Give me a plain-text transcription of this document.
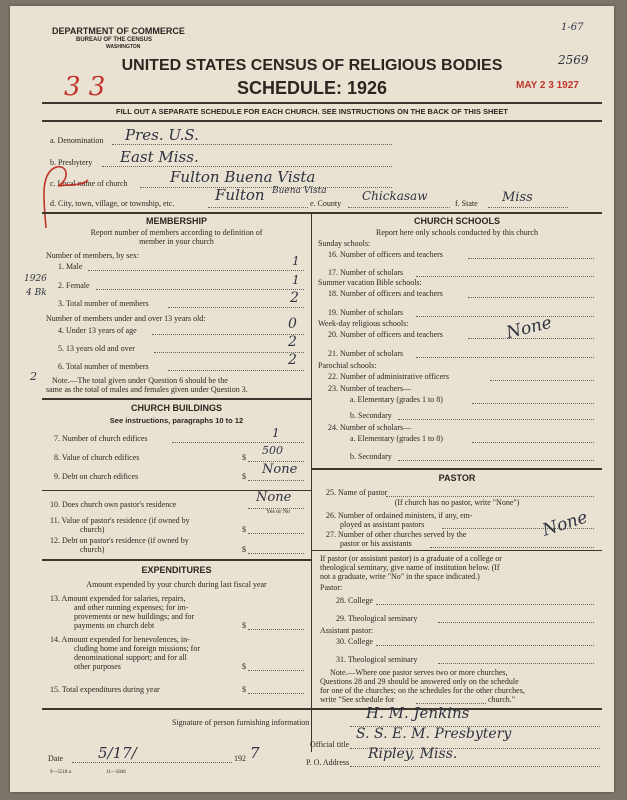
DEPARTMENT OF COMMERCE
BUREAU OF THE CENSUS
WASHINGTON
1-67
2569
MAY 2 3 1927
3 3
UNITED STATES CENSUS OF RELIGIOUS BODIES
SCHEDULE: 1926
FILL OUT A SEPARATE SCHEDULE FOR EACH CHURCH. SEE INSTRUCTIONS ON THE BACK OF THIS SHEET
a. Denomination Pres. U.S.
b. Presbytery East Miss.
c. Local name of church	Fulton Buena Vista
d. City, town, village, or township, etc.	Fulton Buena Vista
e. County
Chickasaw
f. State Miss
MEMBERSHIP
Report number of members according to definition of
member in your church
Number of members, by sex:
1. Male	1
2. Female	1
3. Total number of members	2
Number of members under and over 13 years old:
4. Under 13 years of age	0
5. 13 years old and over	2
6. Total number of members	2
Note.—The total given under Question 6 should be the
same as the total of males and females given under Question 3.
1926
4 Bk
2
CHURCH BUILDINGS
See instructions, paragraphs 10 to 12
7. Number of church edifices	1
8. Value of church edifices	$
500
9. Debt on church edifices	$ None
10. Does church own pastor's residence	None
Yes or No
11. Value of pastor's residence (if owned by
church)	$
12. Debt on pastor's residence (if owned by
church)	$
EXPENDITURES
Amount expended by your church during last fiscal year
13. Amount expended for salaries, repairs,
and other running expenses; for im-
provements or new buildings; and for
payments on church debt	$
14. Amount expended for benevolences, in-
cluding home and foreign missions; for
denominational support; and for all
other purposes	$
15. Total expenditures during year	$
CHURCH SCHOOLS
Report here only schools conducted by this church
Sunday schools:
16. Number of officers and teachers
17. Number of scholars
Summer vacation Bible schools:
18. Number of officers and teachers
19. Number of scholars
Week-day religious schools:
20. Number of officers and teachers	None
21. Number of scholars
Parochial schools:
22. Number of administrative officers
23. Number of teachers—
a. Elementary (grades 1 to 8)
b. Secondary
24. Number of scholars—
a. Elementary (grades 1 to 8)
b. Secondary
PASTOR
25. Name of pastor
(If church has no pastor, write "None")
26. Number of ordained ministers, if any, em-
ployed as assistant pastors
27. Number of other churches served by the
pastor or his assistants
None
If pastor (or assistant pastor) is a graduate of a college or
theological seminary, give name of institution below. (If
not a graduate, write "No" in the space indicated.)
Pastor:
28. College
29. Theological seminary
Assistant pastor:
30. College
31. Theological seminary
Note.—Where one pastor serves two or more churches,
Questions 28 and 29 should be answered only on the schedule
for one of the churches; on the schedules for the other churches,
write "See schedule for	church."
Signature of person furnishing information
H. M. Jenkins
Official title
S. S. E. M. Presbytery
Date 5/17/	192 7
P. O. Address
Ripley, Miss.
9—5518 a	11—5846
